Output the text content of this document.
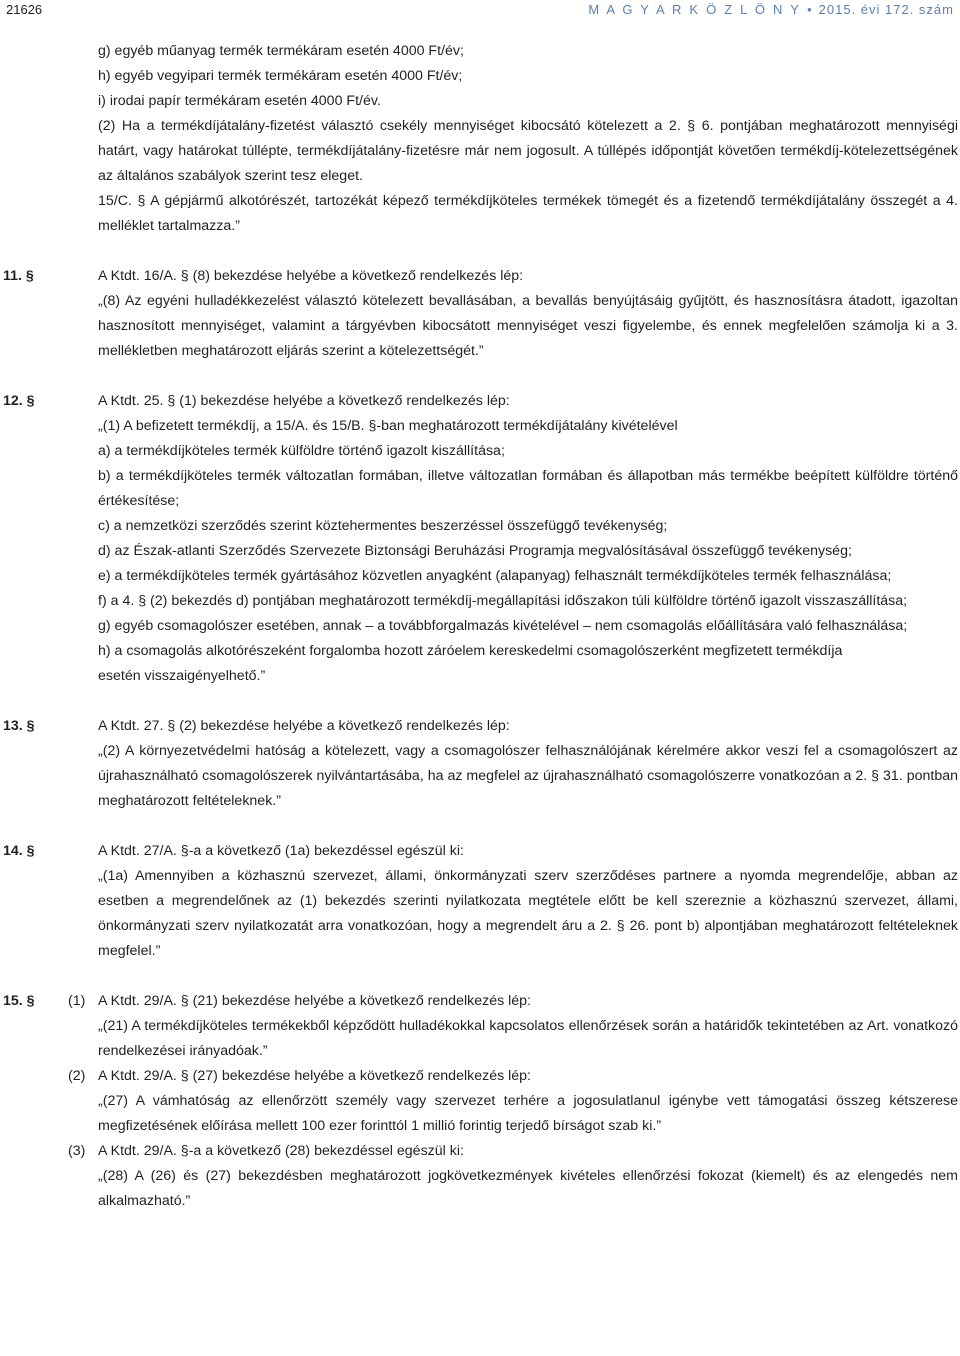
21626	M A G Y A R K Ö Z L Ö N Y • 2015. évi 172. szám
g) egyéb műanyag termék termékáram esetén 4000 Ft/év;
h) egyéb vegyipari termék termékáram esetén 4000 Ft/év;
i) irodai papír termékáram esetén 4000 Ft/év.
(2) Ha a termékdíjátalány-fizetést választó csekély mennyiséget kibocsátó kötelezett a 2. § 6. pontjában meghatározott mennyiségi határt, vagy határokat túllépte, termékdíjátalány-fizetésre már nem jogosult. A túllépés időpontját követően termékdíj-kötelezettségének az általános szabályok szerint tesz eleget.
15/C. § A gépjármű alkotórészét, tartozékát képező termékdíjköteles termékek tömegét és a fizetendő termékdíjátalány összegét a 4. melléklet tartalmazza.”
11. §	A Ktdt. 16/A. § (8) bekezdése helyébe a következő rendelkezés lép:
„(8) Az egyéni hulladékkezelést választó kötelezett bevallásában, a bevallás benyújtásáig gyűjtött, és hasznosításra átadott, igazoltan hasznosított mennyiséget, valamint a tárgyévben kibocsátott mennyiséget veszi figyelembe, és ennek megfelelően számolja ki a 3. mellékletben meghatározott eljárás szerint a kötelezettségét.”
12. §	A Ktdt. 25. § (1) bekezdése helyébe a következő rendelkezés lép:
„(1) A befizetett termékdíj, a 15/A. és 15/B. §-ban meghatározott termékdíjátalány kivételével
a) a termékdíjköteles termék külföldre történő igazolt kiszállítása;
b) a termékdíjköteles termék változatlan formában, illetve változatlan formában és állapotban más termékbe beépített külföldre történő értékesítése;
c) a nemzetközi szerződés szerint köztehermentes beszerzéssel összefüggő tevékenység;
d) az Észak-atlanti Szerződés Szervezete Biztonsági Beruházási Programja megvalósításával összefüggő tevékenység;
e) a termékdíjköteles termék gyártásához közvetlen anyagként (alapanyag) felhasznált termékdíjköteles termék felhasználása;
f) a 4. § (2) bekezdés d) pontjában meghatározott termékdíj-megállapítási időszakon túli külföldre történő igazolt visszaszállítása;
g) egyéb csomagolószer esetében, annak – a továbbforgalmazás kivételével – nem csomagolás előállítására való felhasználása;
h) a csomagolás alkotórészeként forgalomba hozott záróelem kereskedelmi csomagolószerként megfizetett termékdíja
esetén visszaigényelhető.”
13. §	A Ktdt. 27. § (2) bekezdése helyébe a következő rendelkezés lép:
„(2) A környezetvédelmi hatóság a kötelezett, vagy a csomagolószer felhasználójának kérelmére akkor veszi fel a csomagolószert az újrahasználható csomagolószerek nyilvántartásába, ha az megfelel az újrahasználható csomagolószerre vonatkozóan a 2. § 31. pontban meghatározott feltételeknek.”
14. §	A Ktdt. 27/A. §-a a következő (1a) bekezdéssel egészül ki:
„(1a) Amennyiben a közhasznú szervezet, állami, önkormányzati szerv szerződéses partnere a nyomda megrendelője, abban az esetben a megrendelőnek az (1) bekezdés szerinti nyilatkozata megtétele előtt be kell szereznie a közhasznú szervezet, állami, önkormányzati szerv nyilatkozatát arra vonatkozóan, hogy a megrendelt áru a 2. § 26. pont b) alpontjában meghatározott feltételeknek megfelel.”
15. § (1) A Ktdt. 29/A. § (21) bekezdése helyébe a következő rendelkezés lép:
„(21) A termékdíjköteles termékekből képződött hulladékokkal kapcsolatos ellenőrzések során a határidők tekintetében az Art. vonatkozó rendelkezései irányadóak.”
(2) A Ktdt. 29/A. § (27) bekezdése helyébe a következő rendelkezés lép:
„(27) A vámhatóság az ellenőrzött személy vagy szervezet terhére a jogosulatlanul igénybe vett támogatási összeg kétszerese megfizetésének előírása mellett 100 ezer forinttól 1 millió forintig terjedő bírságot szab ki.”
(3) A Ktdt. 29/A. §-a a következő (28) bekezdéssel egészül ki:
„(28) A (26) és (27) bekezdésben meghatározott jogkövetkezmények kivételes ellenőrzési fokozat (kiemelt) és az elengedés nem alkalmazható.”
